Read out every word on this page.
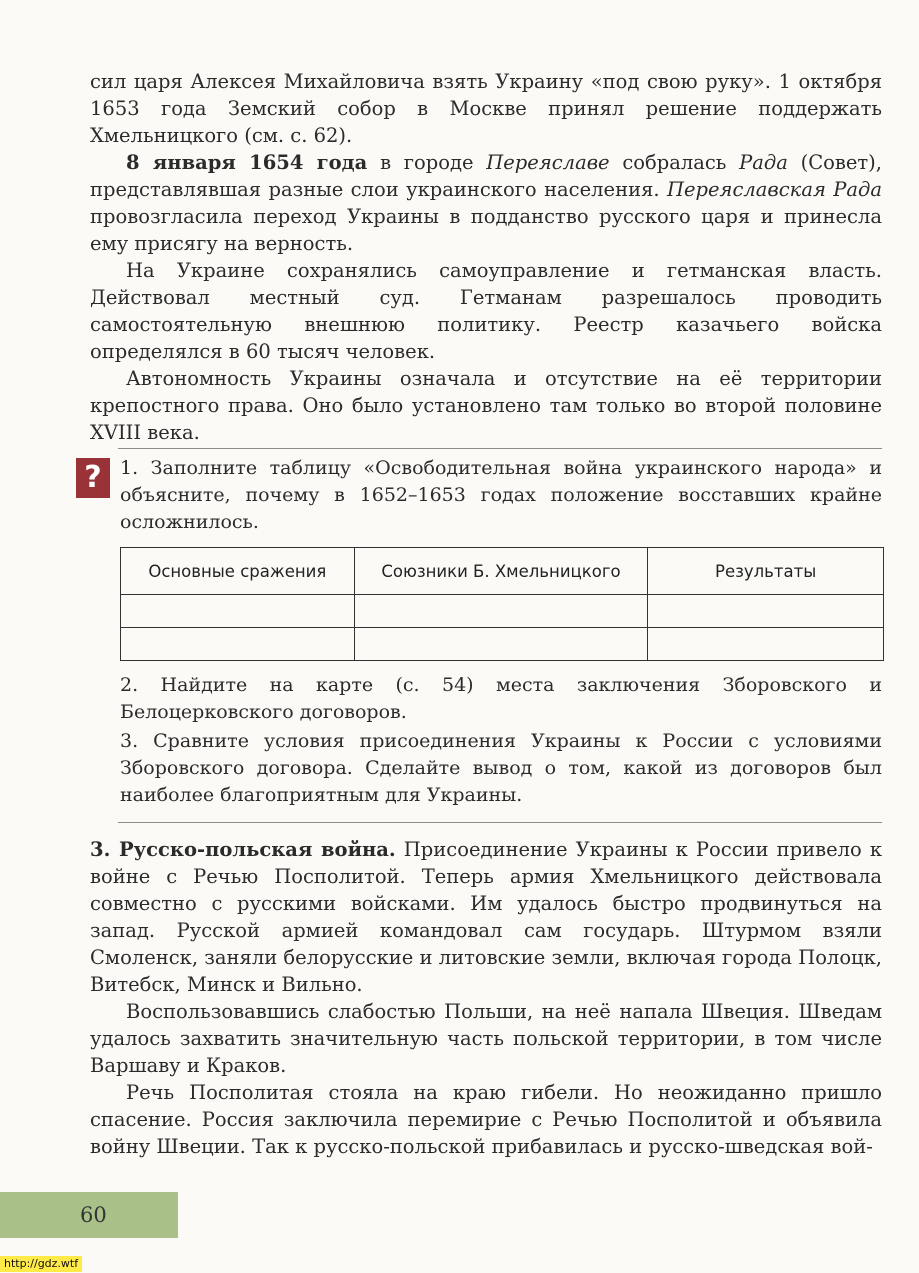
сил царя Алексея Михайловича взять Украину «под свою руку». 1 октября 1653 года Земский собор в Москве принял решение поддержать Хмельницкого (см. с. 62).

8 января 1654 года в городе Переяславе собралась Рада (Совет), представлявшая разные слои украинского населения. Переяславская Рада провозгласила переход Украины в подданство русского царя и принесла ему присягу на верность.

На Украине сохранялись самоуправление и гетманская власть. Действовал местный суд. Гетманам разрешалось проводить самостоятельную внешнюю политику. Реестр казачьего войска определялся в 60 тысяч человек.

Автономность Украины означала и отсутствие на её территории крепостного права. Оно было установлено там только во второй половине XVIII века.

? 1. Заполните таблицу «Освободительная война украинского народа» и объясните, почему в 1652–1653 годах положение восставших крайне осложнилось.

Основные сражения	Союзники Б. Хмельницкого	Результаты

2. Найдите на карте (с. 54) места заключения Зборовского и Белоцерковского договоров.

3. Сравните условия присоединения Украины к России с условиями Зборовского договора. Сделайте вывод о том, какой из договоров был наиболее благоприятным для Украины.

3. Русско-польская война. Присоединение Украины к России привело к войне с Речью Посполитой. Теперь армия Хмельницкого действовала совместно с русскими войсками. Им удалось быстро продвинуться на запад. Русской армией командовал сам государь. Штурмом взяли Смоленск, заняли белорусские и литовские земли, включая города Полоцк, Витебск, Минск и Вильно.

Воспользовавшись слабостью Польши, на неё напала Швеция. Шведам удалось захватить значительную часть польской территории, в том числе Варшаву и Краков.

Речь Посполитая стояла на краю гибели. Но неожиданно пришло спасение. Россия заключила перемирие с Речью Посполитой и объявила войну Швеции. Так к русско-польской прибавилась и русско-шведская вой-

60
http://gdz.wtf
